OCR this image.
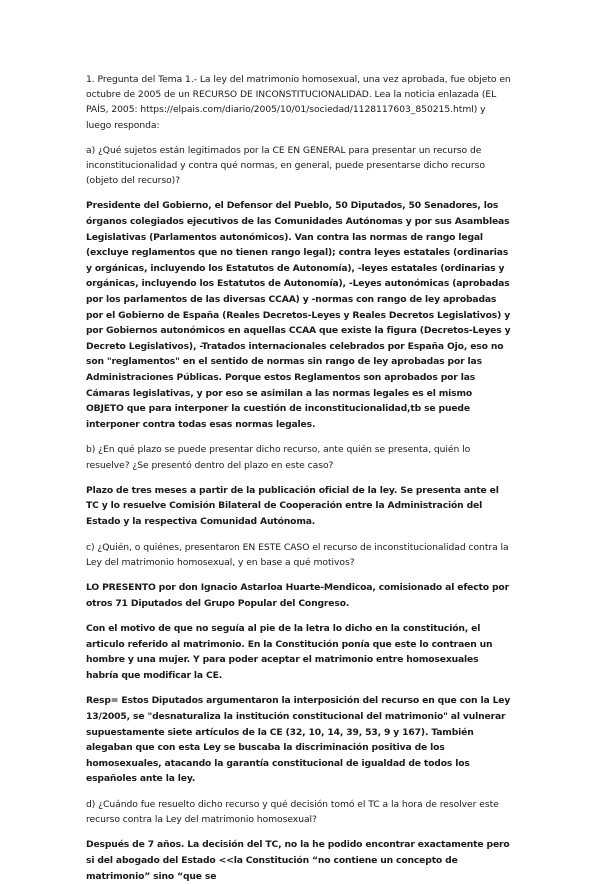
1. Pregunta del Tema 1.- La ley del matrimonio homosexual, una vez aprobada, fue objeto en octubre de 2005 de un RECURSO DE INCONSTITUCIONALIDAD. Lea la noticia enlazada (EL PAÍS, 2005: https://elpais.com/diario/2005/10/01/sociedad/1128117603_850215.html) y luego responda:

a) ¿Qué sujetos están legitimados por la CE EN GENERAL para presentar un recurso de inconstitucionalidad y contra qué normas, en general, puede presentarse dicho recurso (objeto del recurso)?

Presidente del Gobierno, el Defensor del Pueblo, 50 Diputados, 50 Senadores, los órganos colegiados ejecutivos de las Comunidades Autónomas y por sus Asambleas Legislativas (Parlamentos autonómicos). Van contra las normas de rango legal (excluye reglamentos que no tienen rango legal); contra leyes estatales (ordinarias y orgánicas, incluyendo los Estatutos de Autonomía), -leyes estatales (ordinarias y orgánicas, incluyendo los Estatutos de Autonomía), -Leyes autonómicas (aprobadas por los parlamentos de las diversas CCAA) y -normas con rango de ley aprobadas por el Gobierno de España (Reales Decretos-Leyes y Reales Decretos Legislativos) y por Gobiernos autonómicos en aquellas CCAA que existe la figura (Decretos-Leyes y Decreto Legislativos), -Tratados internacionales celebrados por España Ojo, eso no son "reglamentos" en el sentido de normas sin rango de ley aprobadas por las Administraciones Públicas. Porque estos Reglamentos son aprobados por las Cámaras legislativas, y por eso se asimilan a las normas legales es el mismo OBJETO que para interponer la cuestión de inconstitucionalidad,tb se puede interponer contra todas esas normas legales.

b) ¿En qué plazo se puede presentar dicho recurso, ante quién se presenta, quién lo resuelve? ¿Se presentó dentro del plazo en este caso?

Plazo de tres meses a partir de la publicación oficial de la ley. Se presenta ante el TC y lo resuelve Comisión Bilateral de Cooperación entre la Administración del Estado y la respectiva Comunidad Autónoma.

c) ¿Quién, o quiénes, presentaron EN ESTE CASO el recurso de inconstitucionalidad contra la Ley del matrimonio homosexual, y en base a qué motivos?

LO PRESENTO por don Ignacio Astarloa Huarte-Mendicoa, comisionado al efecto por otros 71 Diputados del Grupo Popular del Congreso.

Con el motivo de que no seguía al pie de la letra lo dicho en la constitución, el articulo referido al matrimonio. En la Constitución ponía que este lo contraen un hombre y una mujer. Y para poder aceptar el matrimonio entre homosexuales habría que modificar la CE.

Resp= Estos Diputados argumentaron la interposición del recurso en que con la Ley 13/2005, se "desnaturaliza la institución constitucional del matrimonio" al vulnerar supuestamente siete artículos de la CE (32, 10, 14, 39, 53, 9 y 167). También alegaban que con esta Ley se buscaba la discriminación positiva de los homosexuales, atacando la garantía constitucional de igualdad de todos los españoles ante la ley.

d) ¿Cuándo fue resuelto dicho recurso y qué decisión tomó el TC a la hora de resolver este recurso contra la Ley del matrimonio homosexual?

Después de 7 años. La decisión del TC, no la he podido encontrar exactamente pero si del abogado del Estado <<la Constitución “no contiene un concepto de matrimonio” sino “que se
